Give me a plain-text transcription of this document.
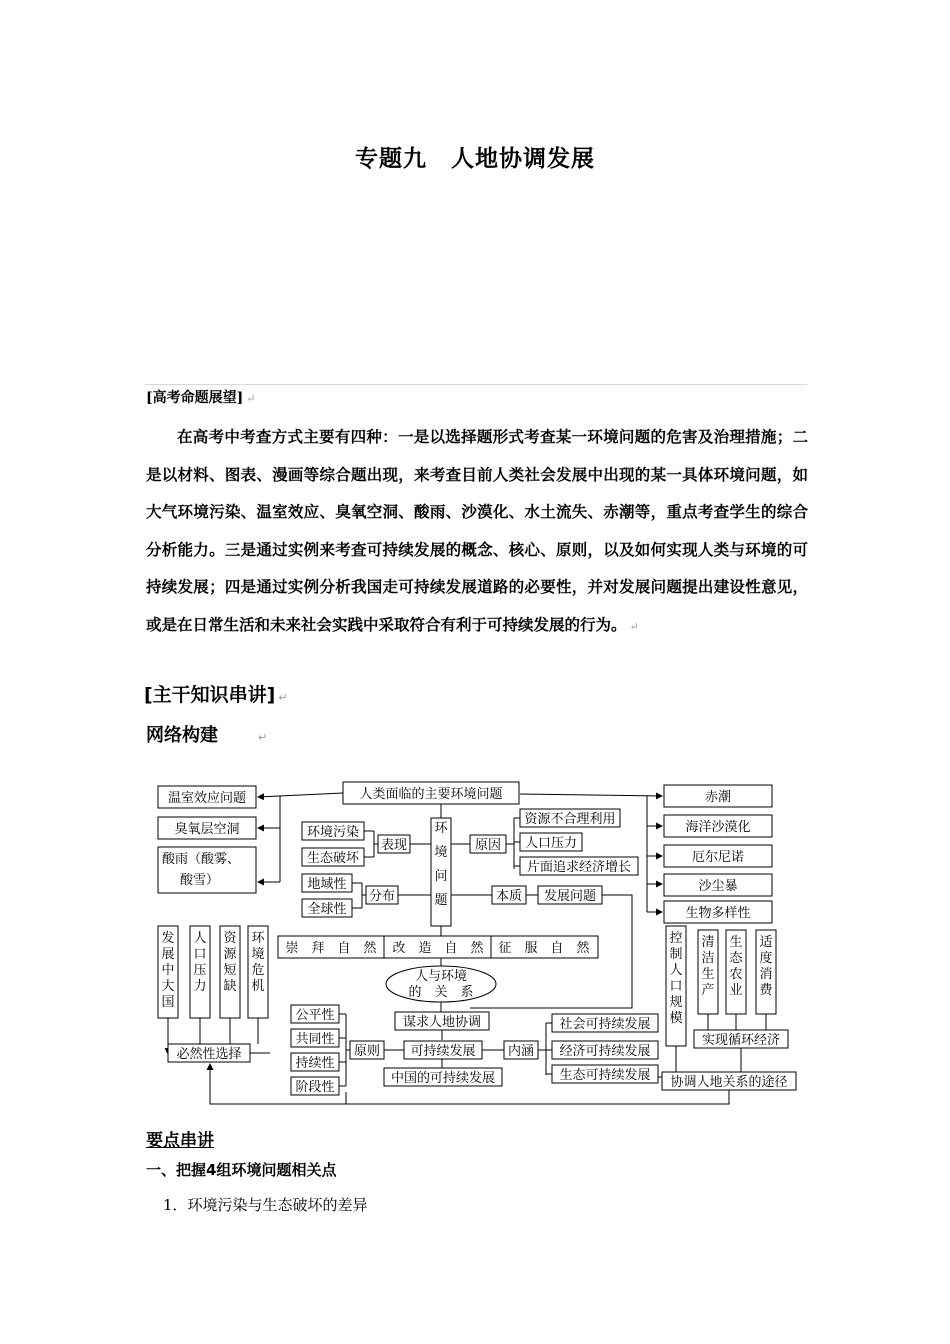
专题九　人地协调发展
[高考命题展望] ↵
在高考中考查方式主要有四种：一是以选择题形式考查某一环境问题的危害及治理措施；二是以材料、图表、漫画等综合题出现，来考查目前人类社会发展中出现的某一具体环境问题，如大气环境污染、温室效应、臭氧空洞、酸雨、沙漠化、水土流失、赤潮等，重点考查学生的综合分析能力。三是通过实例来考查可持续发展的概念、核心、原则，以及如何实现人类与环境的可持续发展；四是通过实例分析我国走可持续发展道路的必要性，并对发展问题提出建设性意见，或是在日常生活和未来社会实践中采取符合有利于可持续发展的行为。 ↵
[主干知识串讲] ↵
网络构建	↵
人类面临的主要环境问题
温室效应问题
臭氧层空洞
酸雨（酸雾、
酸雪）
环境污染
生态破坏
表现
地域性
全球性
分布
环境问题
原因
资源不合理利用
人口压力
片面追求经济增长
本质 发展问题
赤潮
海洋沙漠化
厄尔尼诺
沙尘暴
生物多样性
崇　拜　自　然 改　造　自　然 征　服　自　然
人与环境
的　关　系
发展中大国
人口压力
资源短缺
环境危机
必然性选择
谋求人地协调
公平性
共同性
持续性
阶段性
原则 可持续发展 内涵
社会可持续发展
经济可持续发展
生态可持续发展
中国的可持续发展
控制人口规模
清洁生产
生态农业
适度消费
实现循环经济
协调人地关系的途径
要点串讲
一、把握4组环境问题相关点
1．环境污染与生态破坏的差异
